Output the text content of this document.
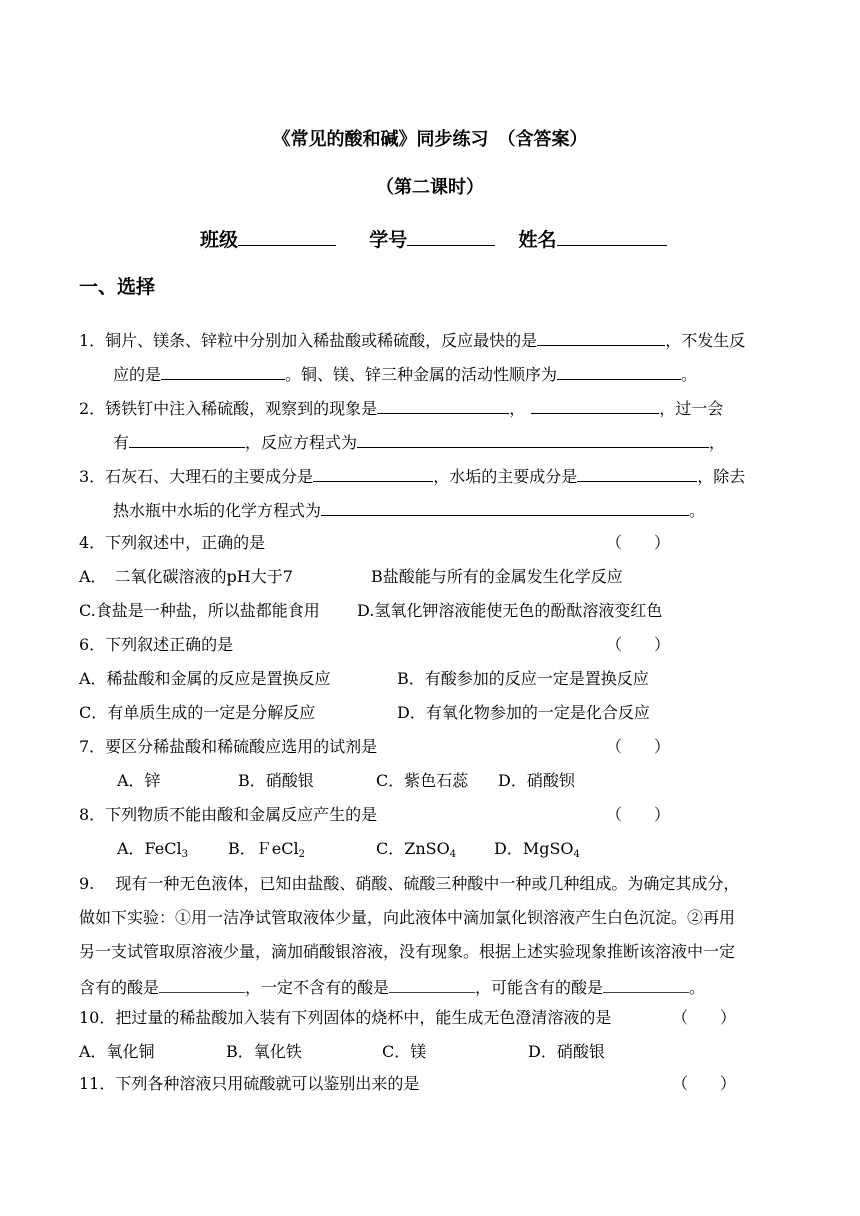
《常见的酸和碱》同步练习　（含答案）
（第二课时）
班级	学号	姓名
一、选择
1．铜片、镁条、锌粒中分别加入稀盐酸或稀硫酸，反应最快的是	，不发生反
应的是	。铜、镁、锌三种金属的活动性顺序为	。
2．锈铁钉中注入稀硫酸，观察到的现象是	，	，过一会
有	，反应方程式为	，
3．石灰石、大理石的主要成分是	，水垢的主要成分是	，除去
热水瓶中水垢的化学方程式为	。
4．下列叙述中，正确的是	（　　）
A．　二氧化碳溶液的pH大于7	B盐酸能与所有的金属发生化学反应
C.食盐是一种盐，所以盐都能食用 D.氢氧化钾溶液能使无色的酚酞溶液变红色
6．下列叙述正确的是	（　　）
A．稀盐酸和金属的反应是置换反应	B．有酸参加的反应一定是置换反应
C．有单质生成的一定是分解反应	D．有氧化物参加的一定是化合反应
7．要区分稀盐酸和稀硫酸应选用的试剂是	（　　）
A．锌	B．硝酸银	C．紫色石蕊 D．硝酸钡
8．下列物质不能由酸和金属反应产生的是	（　　）
A．FeCl$_3$	B．ＦeCl$_2$	C．ZnSO$_4$ D．MgSO$_4$
9.　 现有一种无色液体，已知由盐酸、硝酸、硫酸三种酸中一种或几种组成。为确定其成分，
做如下实验：①用一洁净试管取液体少量，向此液体中滴加氯化钡溶液产生白色沉淀。②再用
另一支试管取原溶液少量，滴加硝酸银溶液，没有现象。根据上述实验现象推断该溶液中一定
含有的酸是	，一定不含有的酸是	，可能含有的酸是	。
10．把过量的稀盐酸加入装有下列固体的烧杯中，能生成无色澄清溶液的是	（　　）
A．氧化铜	B．氧化铁	C．镁	D．硝酸银
11．下列各种溶液只用硫酸就可以鉴别出来的是	（　　）
